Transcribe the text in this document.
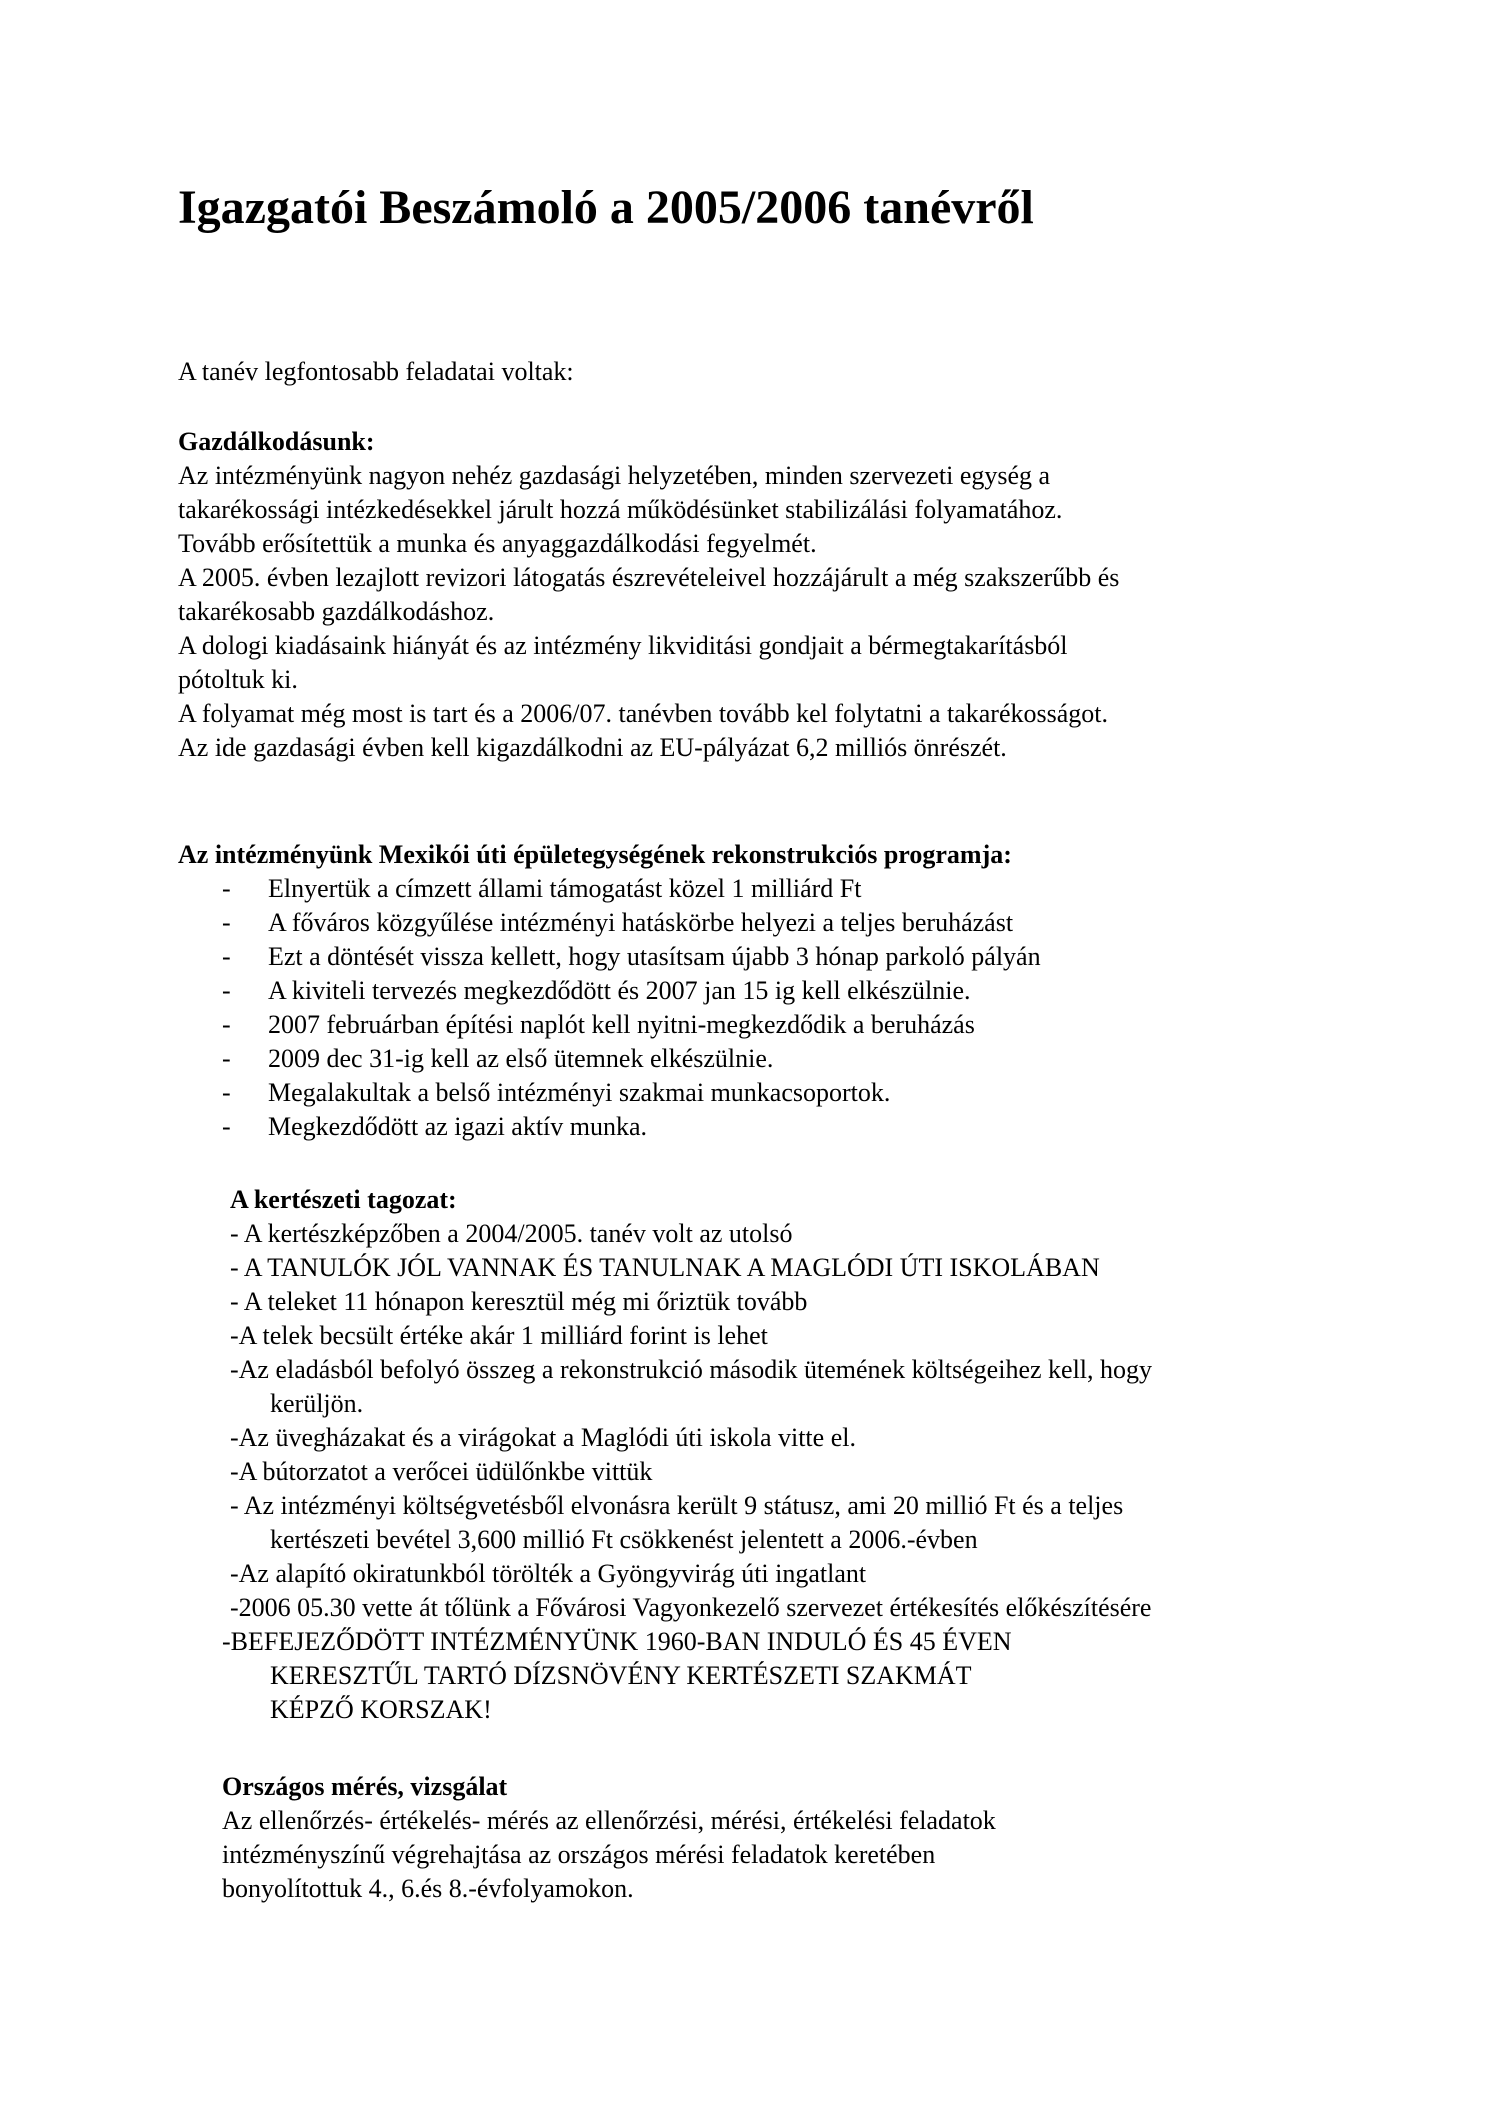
Igazgatói Beszámoló a 2005/2006 tanévről

A tanév legfontosabb feladatai voltak:

Gazdálkodásunk:

Az intézményünk nagyon nehéz gazdasági helyzetében, minden szervezeti egység a

takarékossági intézkedésekkel járult hozzá működésünket stabilizálási folyamatához.

Tovább erősítettük a munka és anyaggazdálkodási fegyelmét.

A 2005. évben lezajlott revizori látogatás észrevételeivel hozzájárult a még szakszerűbb és

takarékosabb gazdálkodáshoz.

A dologi kiadásaink hiányát és az intézmény likviditási gondjait a bérmegtakarításból

pótoltuk ki.

A folyamat még most is tart és a 2006/07. tanévben tovább kel folytatni a takarékosságot.

Az ide gazdasági évben kell kigazdálkodni az EU-pályázat 6,2 milliós önrészét.

Az intézményünk Mexikói úti épületegységének rekonstrukciós programja:

- Elnyertük a címzett állami támogatást közel 1 milliárd Ft
- A főváros közgyűlése intézményi hatáskörbe helyezi a teljes beruházást
- Ezt a döntését vissza kellett, hogy utasítsam újabb 3 hónap parkoló pályán
- A kiviteli tervezés megkezdődött és 2007 jan 15 ig kell elkészülnie.
- 2007 februárban építési naplót kell nyitni-megkezdődik a beruházás
- 2009 dec 31-ig kell az első ütemnek elkészülnie.
- Megalakultak a belső intézményi szakmai munkacsoportok.
- Megkezdődött az igazi aktív munka.

A kertészeti tagozat:

- A kertészképzőben a 2004/2005. tanév volt az utolsó

- A TANULÓK JÓL VANNAK ÉS TANULNAK A MAGLÓDI ÚTI ISKOLÁBAN

- A teleket 11 hónapon keresztül még mi őriztük tovább

-A telek becsült értéke akár 1 milliárd forint is lehet

-Az eladásból befolyó összeg a rekonstrukció második ütemének költségeihez kell, hogy

kerüljön.

-Az üvegházakat és a virágokat a Maglódi úti iskola vitte el.

-A bútorzatot a verőcei üdülőnkbe vittük

- Az intézményi költségvetésből elvonásra került 9 státusz, ami 20 millió Ft és a teljes

kertészeti bevétel 3,600 millió Ft csökkenést jelentett a 2006.-évben

-Az alapító okiratunkból törölték a Gyöngyvirág úti ingatlant

-2006 05.30 vette át tőlünk a Fővárosi Vagyonkezelő szervezet értékesítés előkészítésére

-BEFEJEZŐDÖTT INTÉZMÉNYÜNK 1960-BAN INDULÓ ÉS 45 ÉVEN

KERESZTŰL TARTÓ DÍZSNÖVÉNY KERTÉSZETI SZAKMÁT

KÉPZŐ KORSZAK!

Országos mérés, vizsgálat

Az ellenőrzés- értékelés- mérés az ellenőrzési, mérési, értékelési feladatok

intézményszínű végrehajtása az országos mérési feladatok keretében

bonyolítottuk 4., 6.és 8.-évfolyamokon.
